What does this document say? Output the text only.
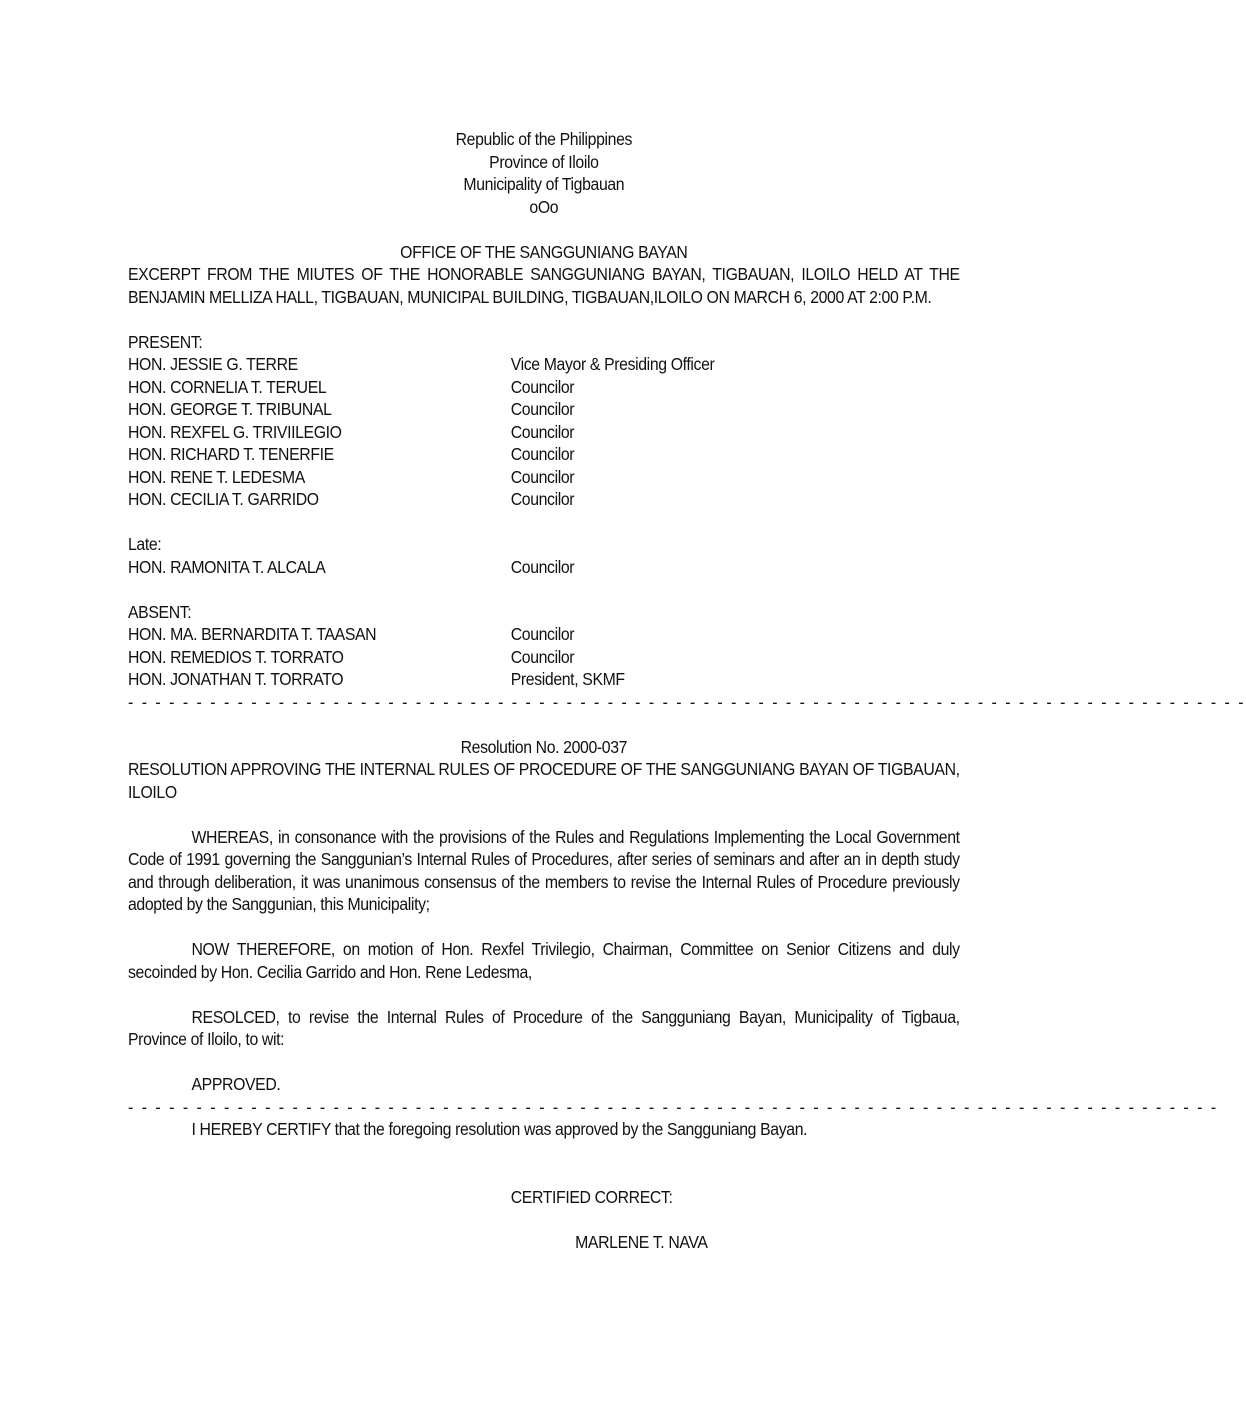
Republic of the Philippines
Province of Iloilo
Municipality of Tigbauan
oOo
OFFICE OF THE SANGGUNIANG BAYAN
EXCERPT FROM THE MIUTES OF THE HONORABLE SANGGUNIANG BAYAN, TIGBAUAN, ILOILO HELD AT THE BENJAMIN MELLIZA HALL, TIGBAUAN, MUNICIPAL BUILDING, TIGBAUAN,ILOILO ON MARCH 6, 2000 AT 2:00 P.M.
PRESENT:
HON. JESSIE G. TERRE	Vice Mayor & Presiding Officer
HON. CORNELIA T. TERUEL	Councilor
HON. GEORGE T. TRIBUNAL	Councilor
HON. REXFEL G. TRIVIILEGIO	Councilor
HON. RICHARD T. TENERFIE	Councilor
HON. RENE T. LEDESMA	Councilor
HON. CECILIA T. GARRIDO	Councilor
Late:
HON. RAMONITA T. ALCALA	Councilor
ABSENT:
HON. MA. BERNARDITA T. TAASAN	Councilor
HON. REMEDIOS T. TORRATO	Councilor
HON. JONATHAN T. TORRATO	President, SKMF
- - - - - - - - - - - - - - - - - - - - - - - - - - - - - - - - - - - - - - - - - - - - - - - - - - - - - - - - - - - - - - - - - - - - - - - - - - - - - - - - - -
Resolution No. 2000-037
RESOLUTION APPROVING THE INTERNAL RULES OF PROCEDURE OF THE SANGGUNIANG BAYAN OF TIGBAUAN, ILOILO
WHEREAS, in consonance with the provisions of the Rules and Regulations Implementing the Local Government Code of 1991 governing the Sanggunian’s Internal Rules of Procedures, after series of seminars and after an in depth study and through deliberation, it was unanimous consensus of the members to revise the Internal Rules of Procedure previously adopted by the Sanggunian, this Municipality;
NOW THEREFORE, on motion of Hon. Rexfel Trivilegio, Chairman, Committee on Senior Citizens and duly secoinded by Hon. Cecilia Garrido and Hon. Rene Ledesma,
RESOLCED, to revise the Internal Rules of Procedure of the Sangguniang Bayan, Municipality of Tigbaua, Province of Iloilo, to wit:
APPROVED.
- - - - - - - - - - - - - - - - - - - - - - - - - - - - - - - - - - - - - - - - - - - - - - - - - - - - - - - - - - - - - - - - - - - - - - - - - - - - - - - -
I HEREBY CERTIFY that the foregoing resolution was approved by the Sangguniang Bayan.
CERTIFIED CORRECT:
MARLENE T. NAVA
